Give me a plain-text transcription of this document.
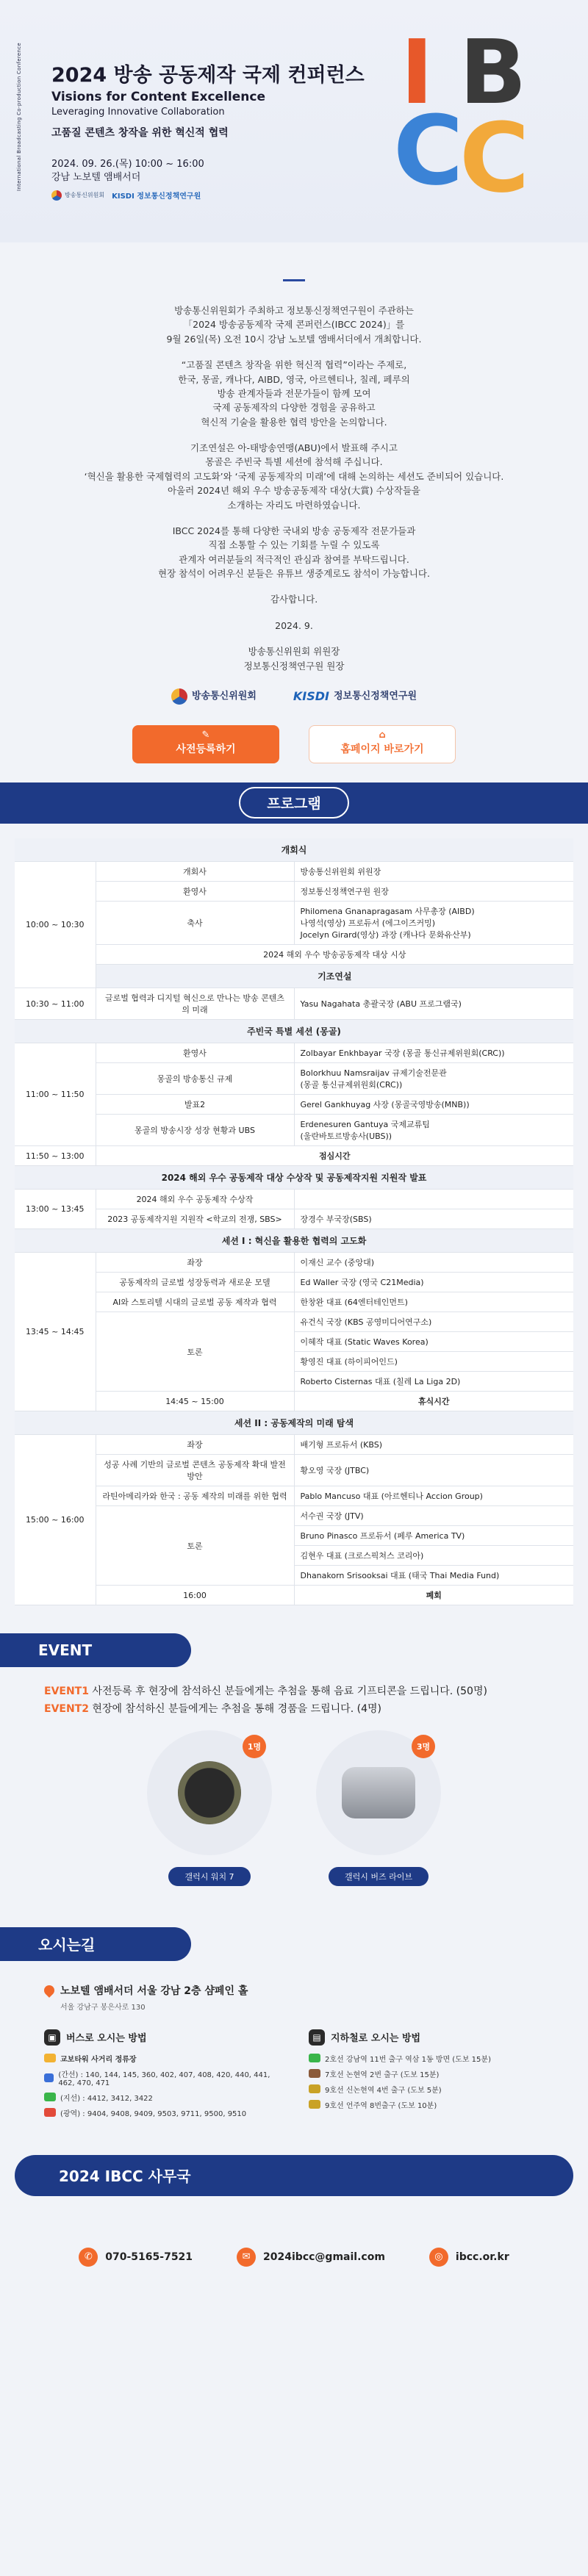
International Broadcasting Co-production Conference 2024 방송 공동제작 국제 컨퍼런스
Visions for Content Excellence
Leveraging Innovative Collaboration
고품질 콘텐츠 창작을 위한 혁신적 협력
2024. 09. 26.(목) 10:00 ~ 16:00
강남 노보텔 앰배서더
방송통신위원회 KISDI 정보통신정책연구원
I B
C
C

방송통신위원회가 주최하고 정보통신정책연구원이 주관하는
「2024 방송공동제작 국제 콘퍼런스(IBCC 2024)」를
9월 26일(목) 오전 10시 강남 노보텔 앰배서더에서 개최합니다.

“고품질 콘텐츠 창작을 위한 혁신적 협력”이라는 주제로,
한국, 몽골, 캐나다, AIBD, 영국, 아르헨티나, 칠레, 페루의
방송 관계자들과 전문가들이 함께 모여
국제 공동제작의 다양한 경험을 공유하고
혁신적 기술을 활용한 협력 방안을 논의합니다.

기조연설은 아-태방송연맹(ABU)에서 발표해 주시고
몽골은 주빈국 특별 세션에 참석해 주십니다.
‘혁신을 활용한 국제협력의 고도화’와 ‘국제 공동제작의 미래’에 대해 논의하는 세션도 준비되어 있습니다.
아울러 2024년 해외 우수 방송공동제작 대상(大賞) 수상작들을
소개하는 자리도 마련하였습니다.

IBCC 2024를 통해 다양한 국내외 방송 공동제작 전문가들과
직접 소통할 수 있는 기회를 누릴 수 있도록
관계자 여러분들의 적극적인 관심과 참여를 부탁드립니다.
현장 참석이 어려우신 분들은 유튜브 생중계로도 참석이 가능합니다.

감사합니다.

2024. 9.

방송통신위원회 위원장
정보통신정책연구원 원장

방송통신위원회	KISDI 정보통신정책연구원
✎
사전등록하기
⌂
홈페이지 바로가기
프로그램
개회식		
10:00 ~ 10:30	개회사	방송통신위원회 위원장
	환영사	정보통신정책연구원 원장
	축사	Philomena Gnanapragasam 사무총장 (AIBD)
나영석(영상) 프로듀서 (에그이즈커밍)
Jocelyn Girard(영상) 과장 (캐나다 문화유산부)
	2024 해외 우수 방송공동제작 대상 시상	
	기조연설	
10:30 ~ 11:00	글로벌 협력과 디지털 혁신으로 만나는 방송 콘텐츠의 미래	Yasu Nagahata 총괄국장 (ABU 프로그램국)
주빈국 특별 세션 (몽골)		
11:00 ~ 11:50	환영사	Zolbayar Enkhbayar 국장 (몽골 통신규제위원회(CRC))
	몽골의 방송통신 규제	Bolorkhuu Namsraijav 규제기술전문관
(몽골 통신규제위원회(CRC))
	발표2	Gerel Gankhuyag 사장 (몽골국영방송(MNB))
	몽골의 방송시장 성장 현황과 UBS	Erdenesuren Gantuya 국제교류팀
(울란바토르방송사(UBS))
11:50 ~ 13:00	점심시간	
2024 해외 우수 공동제작 대상 수상작 및 공동제작지원 지원작 발표		
13:00 ~ 13:45	2024 해외 우수 공동제작 수상작	
	2023 공동제작지원 지원작 <학교의 전쟁, SBS>	장경수 부국장(SBS)
세션 I : 혁신을 활용한 협력의 고도화		
13:45 ~ 14:45	좌장	이재신 교수 (중앙대)
	공동제작의 글로벌 성장동력과 새로운 모델	Ed Waller 국장 (영국 C21Media)
	AI와 스토리텔 시대의 글로벌 공동 제작과 협력	한창완 대표 (64엔터테인먼트)
	토론	유건식 국장 (KBS 공영미디어연구소)
		이혜작 대표 (Static Waves Korea)
		황영진 대표 (하이피어인드)
		Roberto Cisternas 대표 (칠레 La Liga 2D)
	14:45 ~ 15:00	휴식시간
세션 II : 공동제작의 미래 탐색		
15:00 ~ 16:00	좌장	배기형 프로듀서 (KBS)
	성공 사례 기반의 글로벌 콘텐츠 공동제작 확대 발전 방안	황오영 국장 (JTBC)
	라틴아메리카와 한국 : 공동 제작의 미래를 위한 협력	Pablo Mancuso 대표 (아르헨티나 Accion Group)
	토론	서수권 국장 (JTV)
		Bruno Pinasco 프로듀서 (페루 America TV)
		김현우 대표 (크로스픽쳐스 코리아)
		Dhanakorn Srisooksai 대표 (태국 Thai Media Fund)
	16:00	폐회
EVENT
EVENT1 사전등록 후 현장에 참석하신 분들에게는 추첨을 통해 음료 기프티콘을 드립니다. (50명)
EVENT2 현장에 참석하신 분들에게는 추첨을 통해 경품을 드립니다. (4명)
1명
갤럭시 워치 7
3명
갤럭시 버즈 라이브
오시는길
노보텔 앰배서더 서울 강남 2층 샴페인 홀
서울 강남구 봉은사로 130
▣	버스로 오시는 방법
교보타워 사거리 정류장
(간선) : 140, 144, 145, 360, 402, 407, 408, 420, 440, 441, 462, 470, 471
(지선) : 4412, 3412, 3422
(광역) : 9404, 9408, 9409, 9503, 9711, 9500, 9510
▤	지하철로 오시는 방법
2호선 강남역 11번 출구 역삼 1동 방면 (도보 15분)
7호선 논현역 2번 출구 (도보 15분)
9호선 신논현역 4번 출구 (도보 5분)
9호선 언주역 8번출구 (도보 10분)
2024 IBCC 사무국
✆	070-5165-7521	✉	2024ibcc@gmail.com	◎	ibcc.or.kr
